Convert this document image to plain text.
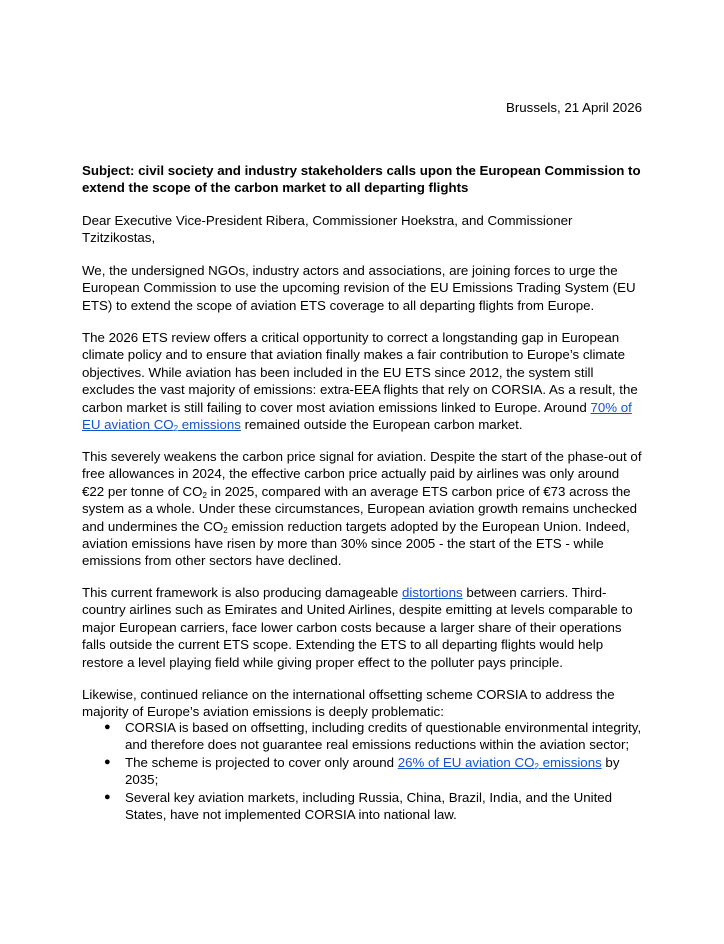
Brussels, 21 April 2026
Subject: civil society and industry stakeholders calls upon the European Commission to extend the scope of the carbon market to all departing flights

Dear Executive Vice-President Ribera, Commissioner Hoekstra, and Commissioner Tzitzikostas,

We, the undersigned NGOs, industry actors and associations, are joining forces to urge the European Commission to use the upcoming revision of the EU Emissions Trading System (EU ETS) to extend the scope of aviation ETS coverage to all departing flights from Europe.

The 2026 ETS review offers a critical opportunity to correct a longstanding gap in European climate policy and to ensure that aviation finally makes a fair contribution to Europe’s climate objectives. While aviation has been included in the EU ETS since 2012, the system still excludes the vast majority of emissions: extra-EEA flights that rely on CORSIA. As a result, the carbon market is still failing to cover most aviation emissions linked to Europe. Around 70% of EU aviation $CO_2$ emissions remained outside the European carbon market.

This severely weakens the carbon price signal for aviation. Despite the start of the phase-out of free allowances in 2024, the effective carbon price actually paid by airlines was only around €22 per tonne of $CO_2$ in 2025, compared with an average ETS carbon price of €73 across the system as a whole. Under these circumstances, European aviation growth remains unchecked and undermines the $CO_2$ emission reduction targets adopted by the European Union. Indeed, aviation emissions have risen by more than 30% since 2005 - the start of the ETS - while emissions from other sectors have declined.

This current framework is also producing damageable distortions between carriers. Third-country airlines such as Emirates and United Airlines, despite emitting at levels comparable to major European carriers, face lower carbon costs because a larger share of their operations falls outside the current ETS scope. Extending the ETS to all departing flights would help restore a level playing field while giving proper effect to the polluter pays principle.

Likewise, continued reliance on the international offsetting scheme CORSIA to address the majority of Europe’s aviation emissions is deeply problematic:

● CORSIA is based on offsetting, including credits of questionable environmental integrity, and therefore does not guarantee real emissions reductions within the aviation sector;
● The scheme is projected to cover only around 26% of EU aviation $CO_2$ emissions by 2035;
● Several key aviation markets, including Russia, China, Brazil, India, and the United States, have not implemented CORSIA into national law.
